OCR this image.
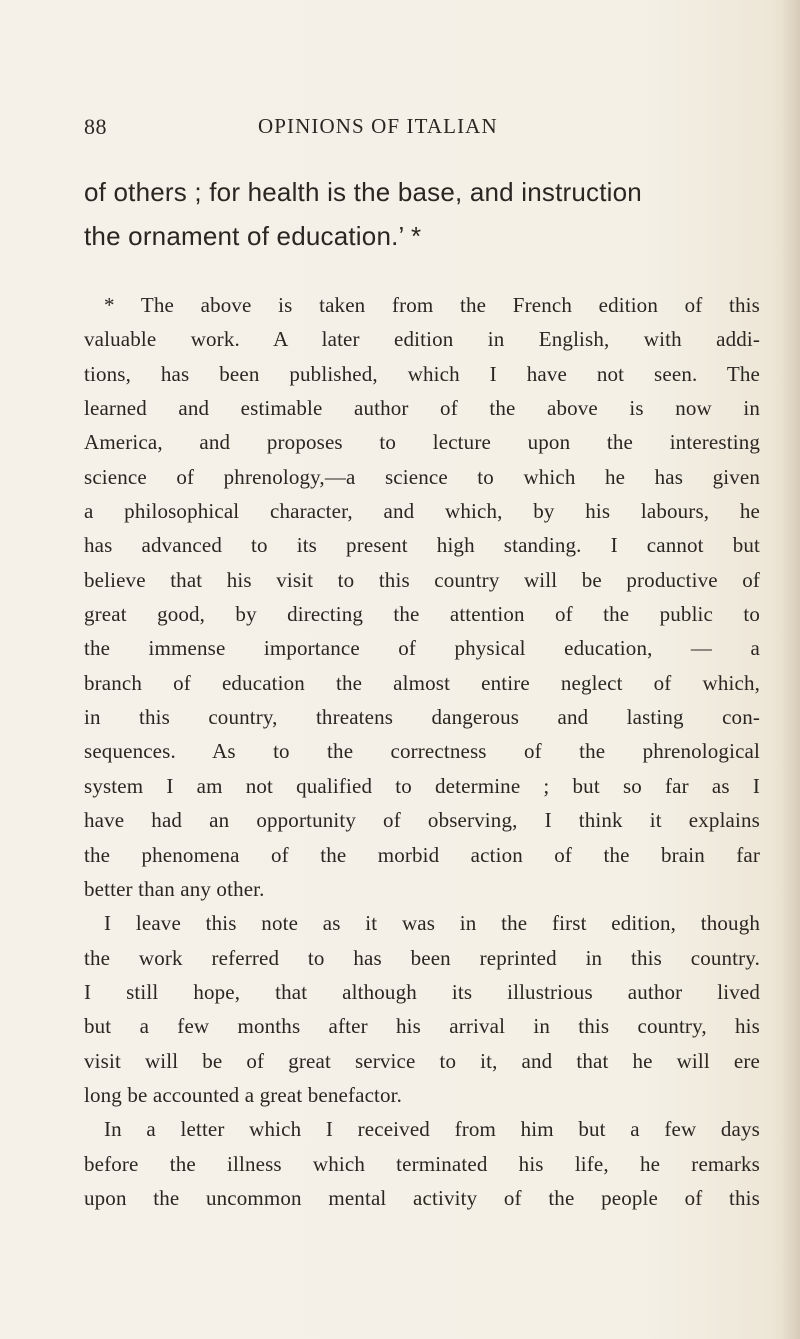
88	OPINIONS OF ITALIAN
of others ; for health is the base, and instruction
the ornament of education.’ *
* The above is taken from the French edition of this
valuable work. A later edition in English, with addi-
tions, has been published, which I have not seen. The
learned and estimable author of the above is now in
America, and proposes to lecture upon the interesting
science of phrenology,—a science to which he has given
a philosophical character, and which, by his labours, he
has advanced to its present high standing. I cannot but
believe that his visit to this country will be productive of
great good, by directing the attention of the public to
the immense importance of physical education, — a
branch of education the almost entire neglect of which,
in this country, threatens dangerous and lasting con-
sequences. As to the correctness of the phrenological
system I am not qualified to determine ; but so far as I
have had an opportunity of observing, I think it explains
the phenomena of the morbid action of the brain far
better than any other.
I leave this note as it was in the first edition, though
the work referred to has been reprinted in this country.
I still hope, that although its illustrious author lived
but a few months after his arrival in this country, his
visit will be of great service to it, and that he will ere
long be accounted a great benefactor.
In a letter which I received from him but a few days
before the illness which terminated his life, he remarks
upon the uncommon mental activity of the people of this
